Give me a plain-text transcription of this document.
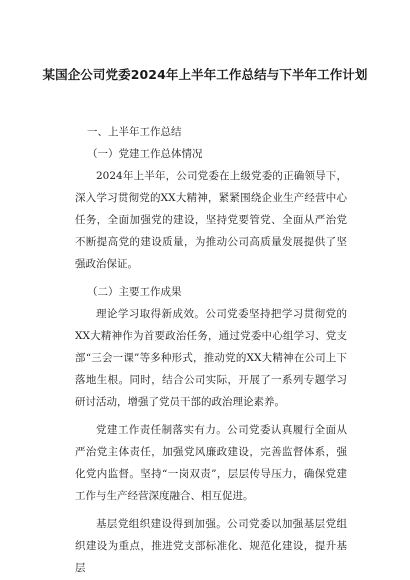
某国企公司党委2024年上半年工作总结与下半年工作计划

一、上半年工作总结

（一）党建工作总体情况

2024年上半年，公司党委在上级党委的正确领导下，深入学习贯彻党的XX大精神，紧紧围绕企业生产经营中心任务，全面加强党的建设，坚持党要管党、全面从严治党不断提高党的建设质量，为推动公司高质量发展提供了坚强政治保证。

（二）主要工作成果

理论学习取得新成效。公司党委坚持把学习贯彻党的XX大精神作为首要政治任务，通过党委中心组学习、党支部“三会一课”等多种形式，推动党的XX大精神在公司上下落地生根。同时，结合公司实际，开展了一系列专题学习研讨活动，增强了党员干部的政治理论素养。

党建工作责任制落实有力。公司党委认真履行全面从严治党主体责任，加强党风廉政建设，完善监督体系，强化党内监督。坚持“一岗双责”，层层传导压力，确保党建工作与生产经营深度融合、相互促进。

基层党组织建设得到加强。公司党委以加强基层党组织建设为重点，推进党支部标准化、规范化建设，提升基层
